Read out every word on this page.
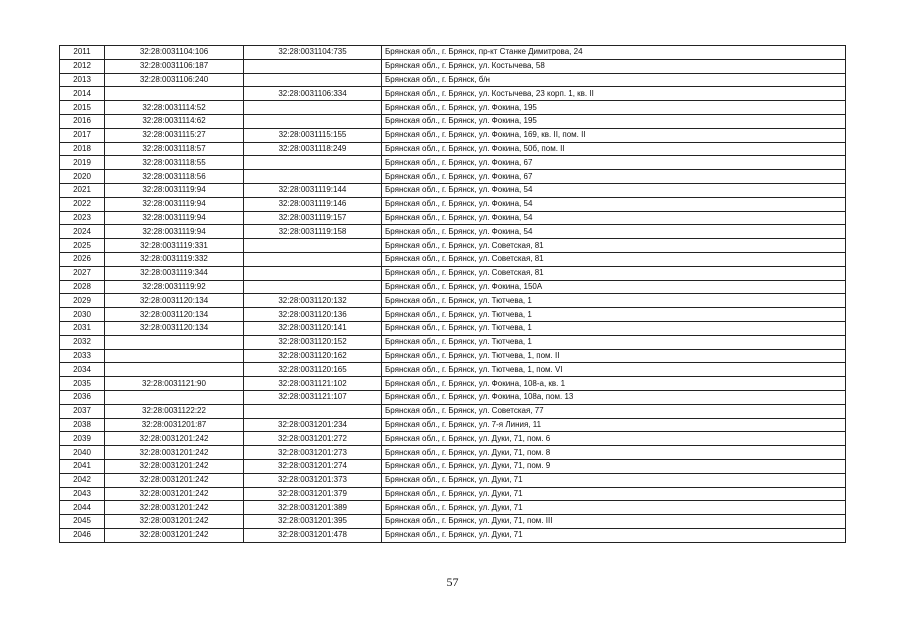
2011	32:28:0031104:106	32:28:0031104:735	Брянская обл., г. Брянск, пр-кт Станке Димитрова, 24
2012	32:28:0031106:187		Брянская обл., г. Брянск, ул. Костычева, 58
2013	32:28:0031106:240		Брянская обл., г. Брянск, б/н
2014		32:28:0031106:334	Брянская обл., г. Брянск, ул. Костычева, 23 корп. 1, кв. II
2015	32:28:0031114:52		Брянская обл., г. Брянск, ул. Фокина, 195
2016	32:28:0031114:62		Брянская обл., г. Брянск, ул. Фокина, 195
2017	32:28:0031115:27	32:28:0031115:155	Брянская обл., г. Брянск, ул. Фокина, 169, кв. II, пом. II
2018	32:28:0031118:57	32:28:0031118:249	Брянская обл., г. Брянск, ул. Фокина, 50б, пом. II
2019	32:28:0031118:55		Брянская обл., г. Брянск, ул. Фокина, 67
2020	32:28:0031118:56		Брянская обл., г. Брянск, ул. Фокина, 67
2021	32:28:0031119:94	32:28:0031119:144	Брянская обл., г. Брянск, ул. Фокина, 54
2022	32:28:0031119:94	32:28:0031119:146	Брянская обл., г. Брянск, ул. Фокина, 54
2023	32:28:0031119:94	32:28:0031119:157	Брянская обл., г. Брянск, ул. Фокина, 54
2024	32:28:0031119:94	32:28:0031119:158	Брянская обл., г. Брянск, ул. Фокина, 54
2025	32:28:0031119:331		Брянская обл., г. Брянск, ул. Советская, 81
2026	32:28:0031119:332		Брянская обл., г. Брянск, ул. Советская, 81
2027	32:28:0031119:344		Брянская обл., г. Брянск, ул. Советская, 81
2028	32:28:0031119:92		Брянская обл., г. Брянск, ул. Фокина, 150А
2029	32:28:0031120:134	32:28:0031120:132	Брянская обл., г. Брянск, ул. Тютчева, 1
2030	32:28:0031120:134	32:28:0031120:136	Брянская обл., г. Брянск, ул. Тютчева, 1
2031	32:28:0031120:134	32:28:0031120:141	Брянская обл., г. Брянск, ул. Тютчева, 1
2032		32:28:0031120:152	Брянская обл., г. Брянск, ул. Тютчева, 1
2033		32:28:0031120:162	Брянская обл., г. Брянск, ул. Тютчева, 1, пом. II
2034		32:28:0031120:165	Брянская обл., г. Брянск, ул. Тютчева, 1, пом. VI
2035	32:28:0031121:90	32:28:0031121:102	Брянская обл., г. Брянск, ул. Фокина, 108-а, кв. 1
2036		32:28:0031121:107	Брянская обл., г. Брянск, ул. Фокина, 108а, пом. 13
2037	32:28:0031122:22		Брянская обл., г. Брянск, ул. Советская, 77
2038	32:28:0031201:87	32:28:0031201:234	Брянская обл., г. Брянск, ул. 7-я Линия, 11
2039	32:28:0031201:242	32:28:0031201:272	Брянская обл., г. Брянск, ул. Дуки, 71, пом. 6
2040	32:28:0031201:242	32:28:0031201:273	Брянская обл., г. Брянск, ул. Дуки, 71, пом. 8
2041	32:28:0031201:242	32:28:0031201:274	Брянская обл., г. Брянск, ул. Дуки, 71, пом. 9
2042	32:28:0031201:242	32:28:0031201:373	Брянская обл., г. Брянск, ул. Дуки, 71
2043	32:28:0031201:242	32:28:0031201:379	Брянская обл., г. Брянск, ул. Дуки, 71
2044	32:28:0031201:242	32:28:0031201:389	Брянская обл., г. Брянск, ул. Дуки, 71
2045	32:28:0031201:242	32:28:0031201:395	Брянская обл., г. Брянск, ул. Дуки, 71, пом. III
2046	32:28:0031201:242	32:28:0031201:478	Брянская обл., г. Брянск, ул. Дуки, 71
57
